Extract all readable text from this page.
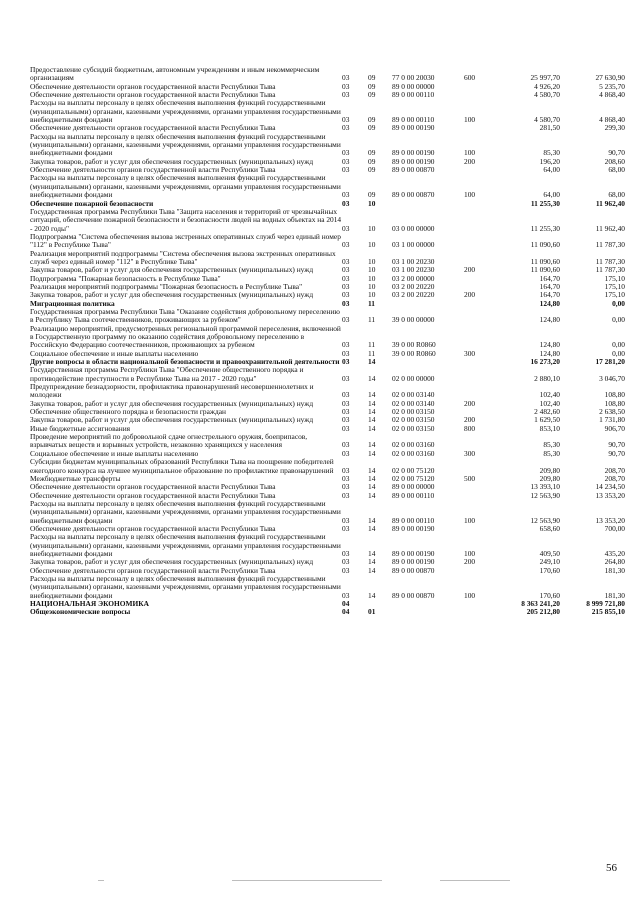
Предоставление субсидий бюджетным, автономным учреждениям и иным некоммерческим организациям	03	09	77 0 00 20030	600	25 997,70	27 630,90
Обеспечение деятельности органов государственной власти Республики Тыва	03	09	89 0 00 00000		4 926,20	5 235,70
Обеспечение деятельности органов государственной власти Республики Тыва	03	09	89 0 00 00110		4 580,70	4 868,40
Расходы на выплаты персоналу в целях обеспечения выполнения функций государственными (муниципальными) органами, казенными учреждениями, органами управления государственными внебюджетными фондами	03	09	89 0 00 00110	100	4 580,70	4 868,40
Обеспечение деятельности органов государственной власти Республики Тыва	03	09	89 0 00 00190		281,50	299,30
Расходы на выплаты персоналу в целях обеспечения выполнения функций государственными (муниципальными) органами, казенными учреждениями, органами управления государственными внебюджетными фондами	03	09	89 0 00 00190	100	85,30	90,70
Закупка товаров, работ и услуг для обеспечения государственных (муниципальных) нужд	03	09	89 0 00 00190	200	196,20	208,60
Обеспечение деятельности органов государственной власти Республики Тыва	03	09	89 0 00 00870		64,00	68,00
Расходы на выплаты персоналу в целях обеспечения выполнения функций государственными (муниципальными) органами, казенными учреждениями, органами управления государственными внебюджетными фондами	03	09	89 0 00 00870	100	64,00	68,00
Обеспечение пожарной безопасности	03	10			11 255,30	11 962,40
Государственная программа Республики Тыва "Защита населения и территорий от чрезвычайных ситуаций, обеспечение пожарной безопасности и безопасности людей на водных объектах на 2014 - 2020 годы"	03	10	03 0 00 00000		11 255,30	11 962,40
Подпрограмма "Система обеспечения вызова экстренных оперативных служб через единый номер "112" в Республике Тыва"	03	10	03 1 00 00000		11 090,60	11 787,30
Реализация мероприятий подпрограммы "Система обеспечения вызова экстренных оперативных служб через единый номер "112" в Республике Тыва"	03	10	03 1 00 20230		11 090,60	11 787,30
Закупка товаров, работ и услуг для обеспечения государственных (муниципальных) нужд	03	10	03 1 00 20230	200	11 090,60	11 787,30
Подпрограмма "Пожарная безопасность в Республике Тыва"	03	10	03 2 00 00000		164,70	175,10
Реализация мероприятий подпрограммы "Пожарная безопасность в Республике Тыва"	03	10	03 2 00 20220		164,70	175,10
Закупка товаров, работ и услуг для обеспечения государственных (муниципальных) нужд	03	10	03 2 00 20220	200	164,70	175,10
Миграционная политика	03	11			124,80	0,00
Государственная программа Республики Тыва "Оказание содействия добровольному переселению в Республику Тыва соотечественников, проживающих за рубежом"	03	11	39 0 00 00000		124,80	0,00
Реализацию мероприятий, предусмотренных региональной программой переселения, включенной в Государственную программу по оказанию содействия добровольному переселению в Российскую Федерацию соотечественников, проживающих за рубежом	03	11	39 0 00 R0860		124,80	0,00
Социальное обеспечение и иные выплаты населению	03	11	39 0 00 R0860	300	124,80	0,00
Другие вопросы в области национальной безопасности и правоохранительной деятельности	03	14			16 273,20	17 281,20
Государственная программа Республики Тыва "Обеспечение общественного порядка и противодействие преступности в Республике Тыва на 2017 - 2020 годы"	03	14	02 0 00 00000		2 880,10	3 046,70
Предупреждение безнадзорности, профилактика правонарушений несовершеннолетних и молодежи	03	14	02 0 00 03140		102,40	108,80
Закупка товаров, работ и услуг для обеспечения государственных (муниципальных) нужд	03	14	02 0 00 03140	200	102,40	108,80
Обеспечение общественного порядка и безопасности граждан	03	14	02 0 00 03150		2 482,60	2 638,50
Закупка товаров, работ и услуг для обеспечения государственных (муниципальных) нужд	03	14	02 0 00 03150	200	1 629,50	1 731,80
Иные бюджетные ассигнования	03	14	02 0 00 03150	800	853,10	906,70
Проведение мероприятий по добровольной сдаче огнестрельного оружия, боеприпасов, взрывчатых веществ и взрывных устройств, незаконно хранящихся у населения	03	14	02 0 00 03160		85,30	90,70
Социальное обеспечение и иные выплаты населению	03	14	02 0 00 03160	300	85,30	90,70
Субсидии бюджетам муниципальных образований Республики Тыва на поощрение победителей ежегодного конкурса на лучшее муниципальное образование по профилактике правонарушений	03	14	02 0 00 75120		209,80	208,70
Межбюджетные трансферты	03	14	02 0 00 75120	500	209,80	208,70
Обеспечение деятельности органов государственной власти Республики Тыва	03	14	89 0 00 00000		13 393,10	14 234,50
Обеспечение деятельности органов государственной власти Республики Тыва	03	14	89 0 00 00110		12 563,90	13 353,20
Расходы на выплаты персоналу в целях обеспечения выполнения функций государственными (муниципальными) органами, казенными учреждениями, органами управления государственными внебюджетными фондами	03	14	89 0 00 00110	100	12 563,90	13 353,20
Обеспечение деятельности органов государственной власти Республики Тыва	03	14	89 0 00 00190		658,60	700,00
Расходы на выплаты персоналу в целях обеспечения выполнения функций государственными (муниципальными) органами, казенными учреждениями, органами управления государственными внебюджетными фондами	03	14	89 0 00 00190	100	409,50	435,20
Закупка товаров, работ и услуг для обеспечения государственных (муниципальных) нужд	03	14	89 0 00 00190	200	249,10	264,80
Обеспечение деятельности органов государственной власти Республики Тыва	03	14	89 0 00 00870		170,60	181,30
Расходы на выплаты персоналу в целях обеспечения выполнения функций государственными (муниципальными) органами, казенными учреждениями, органами управления государственными внебюджетными фондами	03	14	89 0 00 00870	100	170,60	181,30
НАЦИОНАЛЬНАЯ ЭКОНОМИКА	04				8 363 241,20	8 999 721,80
Общеэкономические вопросы	04	01			205 212,80	215 855,10
56
